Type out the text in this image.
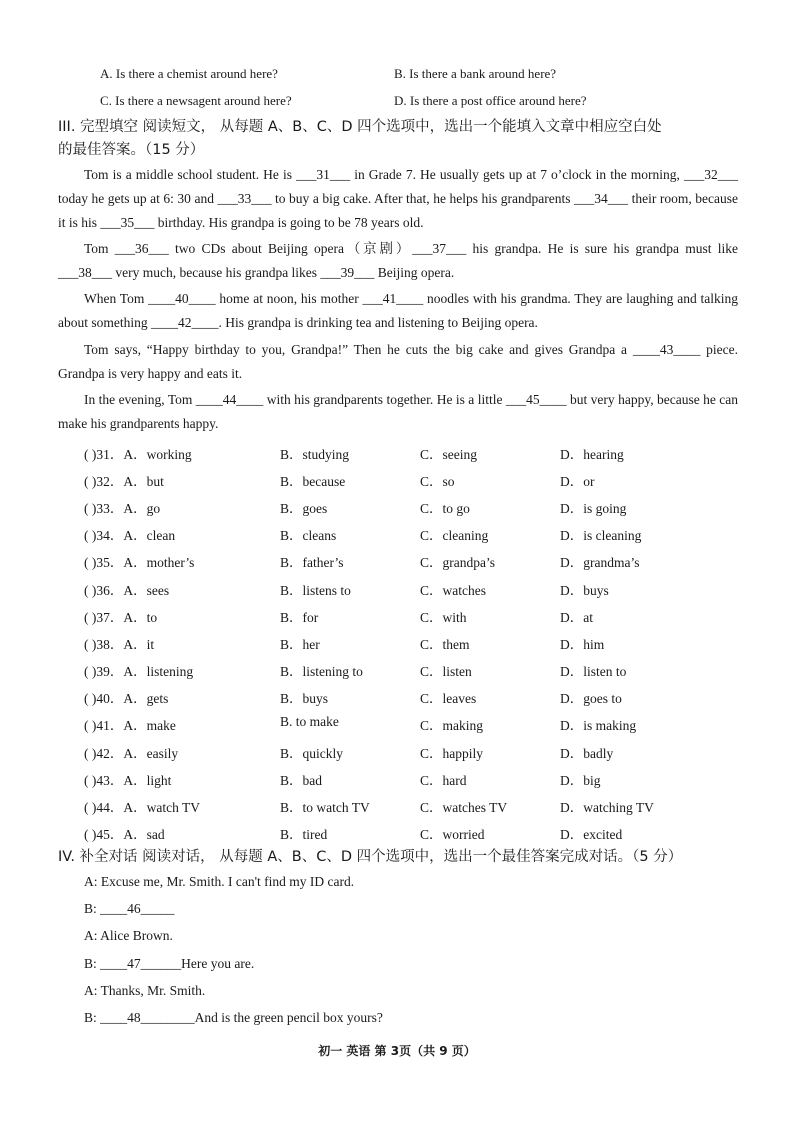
A. Is there a chemist around here?	B. Is there a bank around here?
C. Is there a newsagent around here?	D. Is there a post office around here?
III. 完型填空 阅读短文， 从每题 A、B、C、D 四个选项中，选出一个能填入文章中相应空白处
的最佳答案。（15 分）
Tom is a middle school student. He is ___31___ in Grade 7. He usually gets up at 7 o’clock in the morning, ___32___ today he gets up at 6: 30 and ___33___ to buy a big cake. After that, he helps his grandparents ___34___ their room, because it is his ___35___ birthday. His grandpa is going to be 78 years old.
Tom ___36___ two CDs about Beijing opera（京剧）___37___ his grandpa. He is sure his grandpa must like ___38___ very much, because his grandpa likes ___39___ Beijing opera.
When Tom ____40____ home at noon, his mother ___41____ noodles with his grandma. They are laughing and talking about something ____42____. His grandpa is drinking tea and listening to Beijing opera.
Tom says, “Happy birthday to you, Grandpa!” Then he cuts the big cake and gives Grandpa a ____43____ piece. Grandpa is very happy and eats it.
In the evening, Tom ____44____ with his grandparents together. He is a little ___45____ but very happy, because he can make his grandparents happy.
( )31．A．working	B．studying	C．seeing	D．hearing
( )32．A．but	B．because	C．so	D．or
( )33．A．go	B．goes	C．to go	D．is going
( )34．A．clean	B．cleans	C．cleaning	D．is cleaning
( )35．A．mother’s	B．father’s	C．grandpa’s	D．grandma’s
( )36．A．sees	B．listens to	C．watches	D．buys
( )37．A．to	B．for	C．with	D．at
( )38．A．it	B．her	C．them	D．him
( )39．A．listening	B．listening to	C．listen	D．listen to
( )40．A．gets	B．buys	C．leaves	D．goes to
( )41．A．make	B. to make	C．making	D．is making
( )42．A．easily	B．quickly	C．happily	D．badly
( )43．A．light	B．bad	C．hard	D．big
( )44．A．watch TV	B．to watch TV	C．watches TV	D．watching TV
( )45．A．sad	B．tired	C．worried	D．excited
IV. 补全对话 阅读对话， 从每题 A、B、C、D 四个选项中，选出一个最佳答案完成对话。（5 分）
A: Excuse me, Mr. Smith. I can't find my ID card.
B: ____46_____
A: Alice Brown.
B: ____47______Here you are.
A: Thanks, Mr. Smith.
B: ____48________And is the green pencil box yours?
初一 英语 第 3页（共 9 页）
